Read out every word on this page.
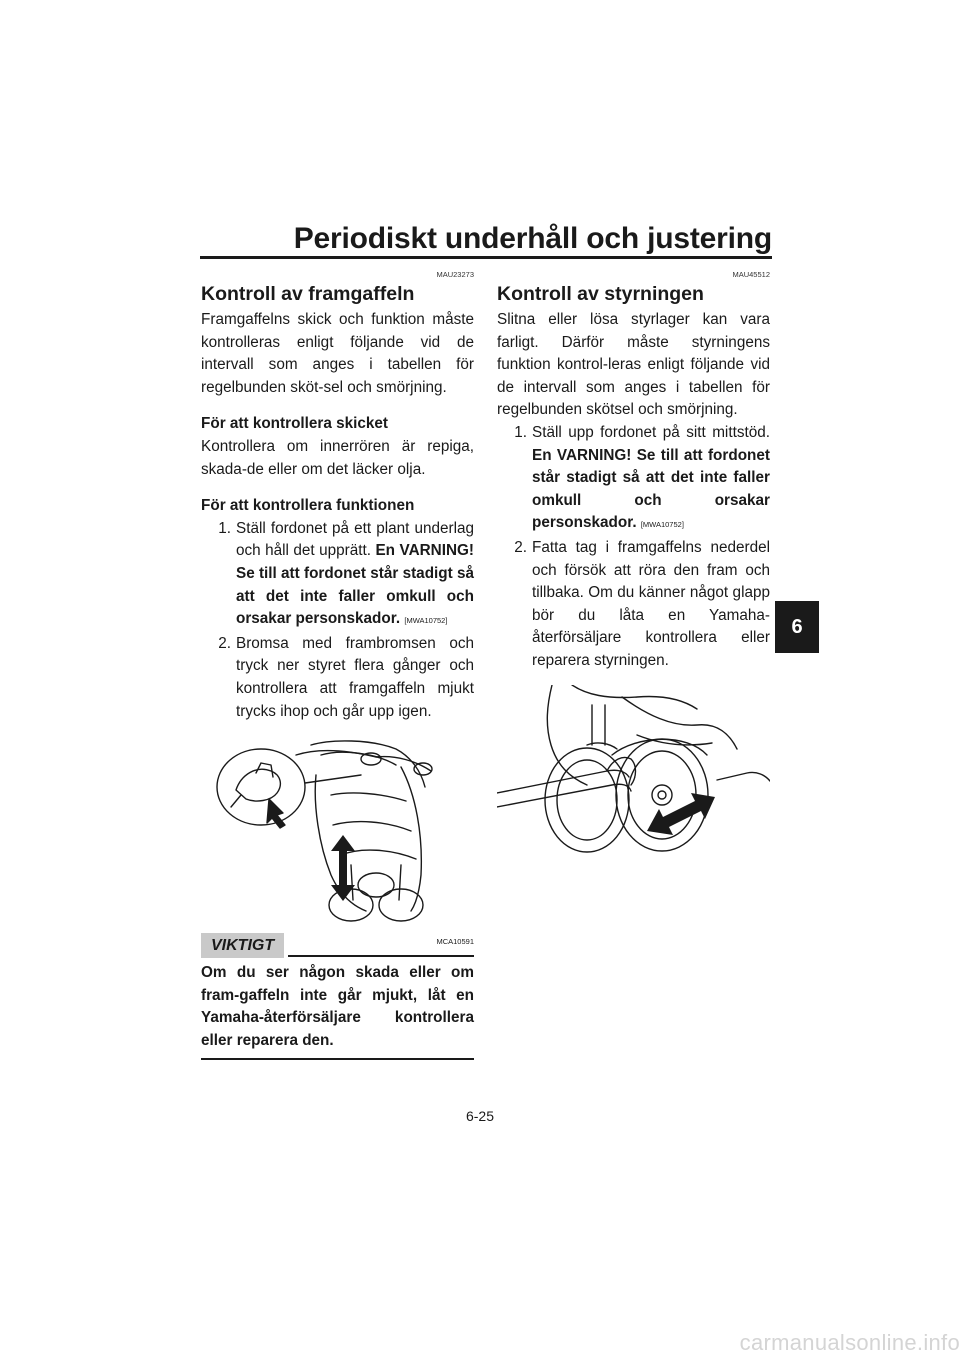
Periodiskt underhåll och justering
6
MAU23273
Kontroll av framgaffeln

Framgaffelns skick och funktion måste kontrolleras enligt följande vid de intervall som anges i tabellen för regelbunden sköt-sel och smörjning.

För att kontrollera skicket

Kontrollera om innerrören är repiga, skada-de eller om det läcker olja.

För att kontrollera funktionen

1. Ställ fordonet på ett plant underlag och håll det upprätt. En VARNING! Se till att fordonet står stadigt så att det inte faller omkull och orsakar personskador. [MWA10752]
2. Bromsa med frambromsen och tryck ner styret flera gånger och kontrollera att framgaffeln mjukt trycks ihop och går upp igen.
MCA10591
VIKTIGT

Om du ser någon skada eller om fram-gaffeln inte går mjukt, låt en Yamaha-återförsäljare kontrollera eller reparera den.

MAU45512
Kontroll av styrningen

Slitna eller lösa styrlager kan vara farligt. Därför måste styrningens funktion kontrol-leras enligt följande vid de intervall som anges i tabellen för regelbunden skötsel och smörjning.

1. Ställ upp fordonet på sitt mittstöd. En VARNING! Se till att fordonet står stadigt så att det inte faller omkull och orsakar personskador. [MWA10752]
2. Fatta tag i framgaffelns nederdel och försök att röra den fram och tillbaka. Om du känner något glapp bör du låta en Yamaha-återförsäljare kontrollera eller reparera styrningen.
6-25
carmanualsonline.info
